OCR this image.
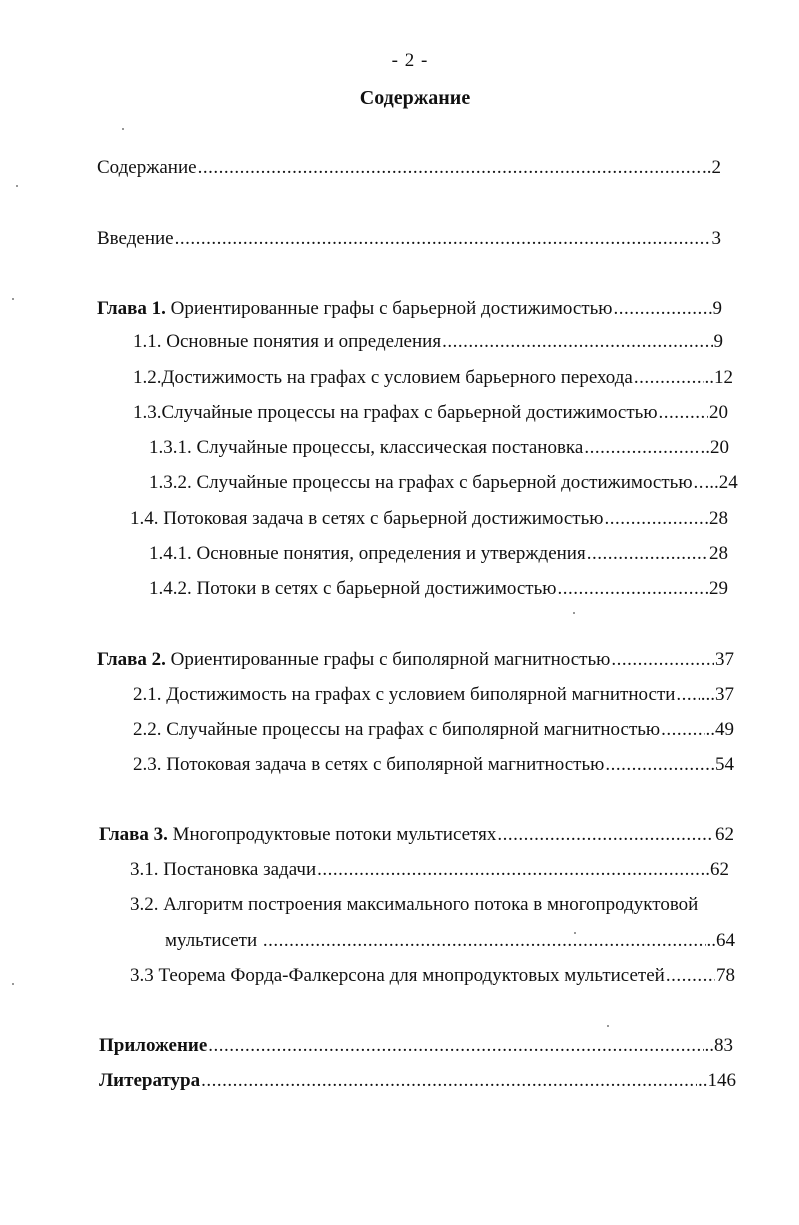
- 2 -
Содержание
Содержание .....	..2
Введение .....	3
Глава 1. Ориентированные графы с барьерной достижимостью .....	9
1.1. Основные понятия и определения .....	9
1.2.Достижимость на графах с условием барьерного перехода .....	..12
1.3.Случайные процессы на графах с барьерной достижимостью .....	20
1.3.1. Случайные процессы, классическая постановка .....	..20
1.3.2. Случайные процессы на графах с барьерной достижимостью ..... ...24
1.4. Потоковая задача в сетях с барьерной достижимостью .....	28
1.4.1. Основные понятия, определения и утверждения .....	28
1.4.2. Потоки в сетях с барьерной достижимостью .....	29
Глава 2. Ориентированные графы с биполярной магнитностью .....	37
2.1. Достижимость на графах с условием биполярной магнитности ..... ...37
2.2. Случайные процессы на графах с биполярной магнитностью ..... ..49
2.3. Потоковая задача в сетях с биполярной магнитностью .....	54
Глава 3. Многопродуктовые потоки мультисетях .....	62
3.1. Постановка задачи .....	..62
3.2. Алгоритм построения максимального потока в многопродуктовой
мультисети .....	..64
3.3 Теорема Форда-Фалкерсона для мнопродуктовых мультисетей .....	78
Приложение .....	..83
Литература .....	..146
